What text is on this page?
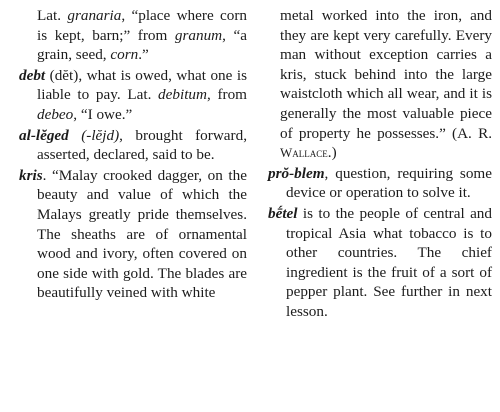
Lat. granaria, “place where corn is kept, barn;” from granum, “a grain, seed, corn.”

debt (dĕt), what is owed, what one is liable to pay. Lat. debitum, from debeo, “I owe.”

al-lĕged (-lĕjd), brought forward, asserted, declared, said to be.

kris. “Malay crooked dagger, on the beauty and value of which the Malays greatly pride themselves. The sheaths are of ornamental wood and ivory, often covered on one side with gold. The blades are beautifully veined with white

metal worked into the iron, and they are kept very carefully. Every man without exception carries a kris, stuck behind into the large waistcloth which all wear, and it is generally the most valuable piece of property he possesses.” (A. R. Wallace.)

prŏ-blem, question, requiring some device or operation to solve it.

bḗtel is to the people of central and tropical Asia what tobacco is to other countries. The chief ingredient is the fruit of a sort of pepper plant. See further in next lesson.
